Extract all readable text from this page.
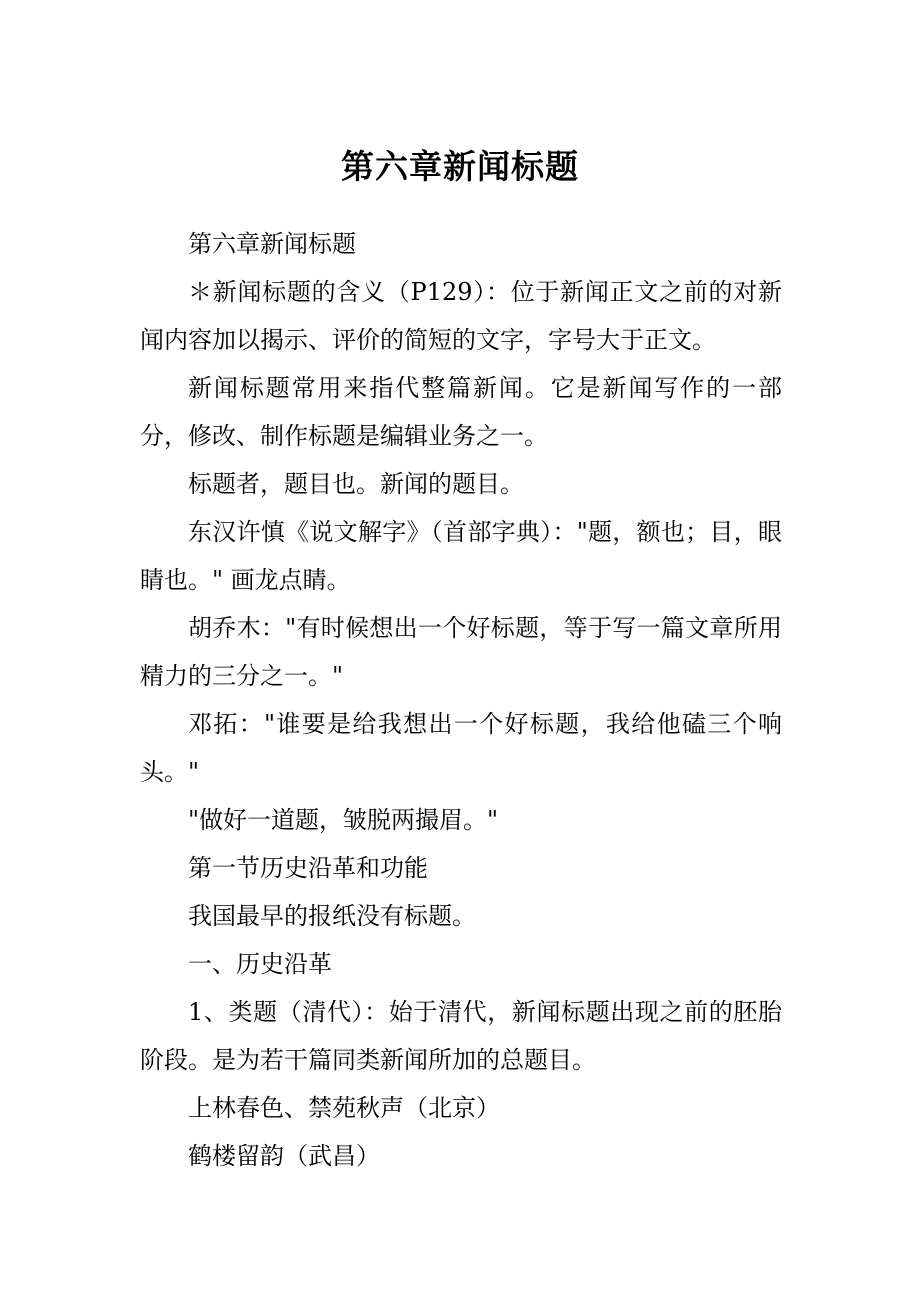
第六章新闻标题

第六章新闻标题

＊新闻标题的含义（P129）：位于新闻正文之前的对新闻内容加以揭示、评价的简短的文字，字号大于正文。

新闻标题常用来指代整篇新闻。它是新闻写作的一部分，修改、制作标题是编辑业务之一。

标题者，题目也。新闻的题目。

东汉许慎《说文解字》（首部字典）："题，额也；目，眼睛也。" 画龙点睛。

胡乔木："有时候想出一个好标题，等于写一篇文章所用精力的三分之一。"

邓拓："谁要是给我想出一个好标题，我给他磕三个响头。"

"做好一道题，皱脱两撮眉。"

第一节历史沿革和功能

我国最早的报纸没有标题。

一、历史沿革

1、类题（清代）：始于清代，新闻标题出现之前的胚胎阶段。是为若干篇同类新闻所加的总题目。

上林春色、禁苑秋声（北京）

鹤楼留韵（武昌）
